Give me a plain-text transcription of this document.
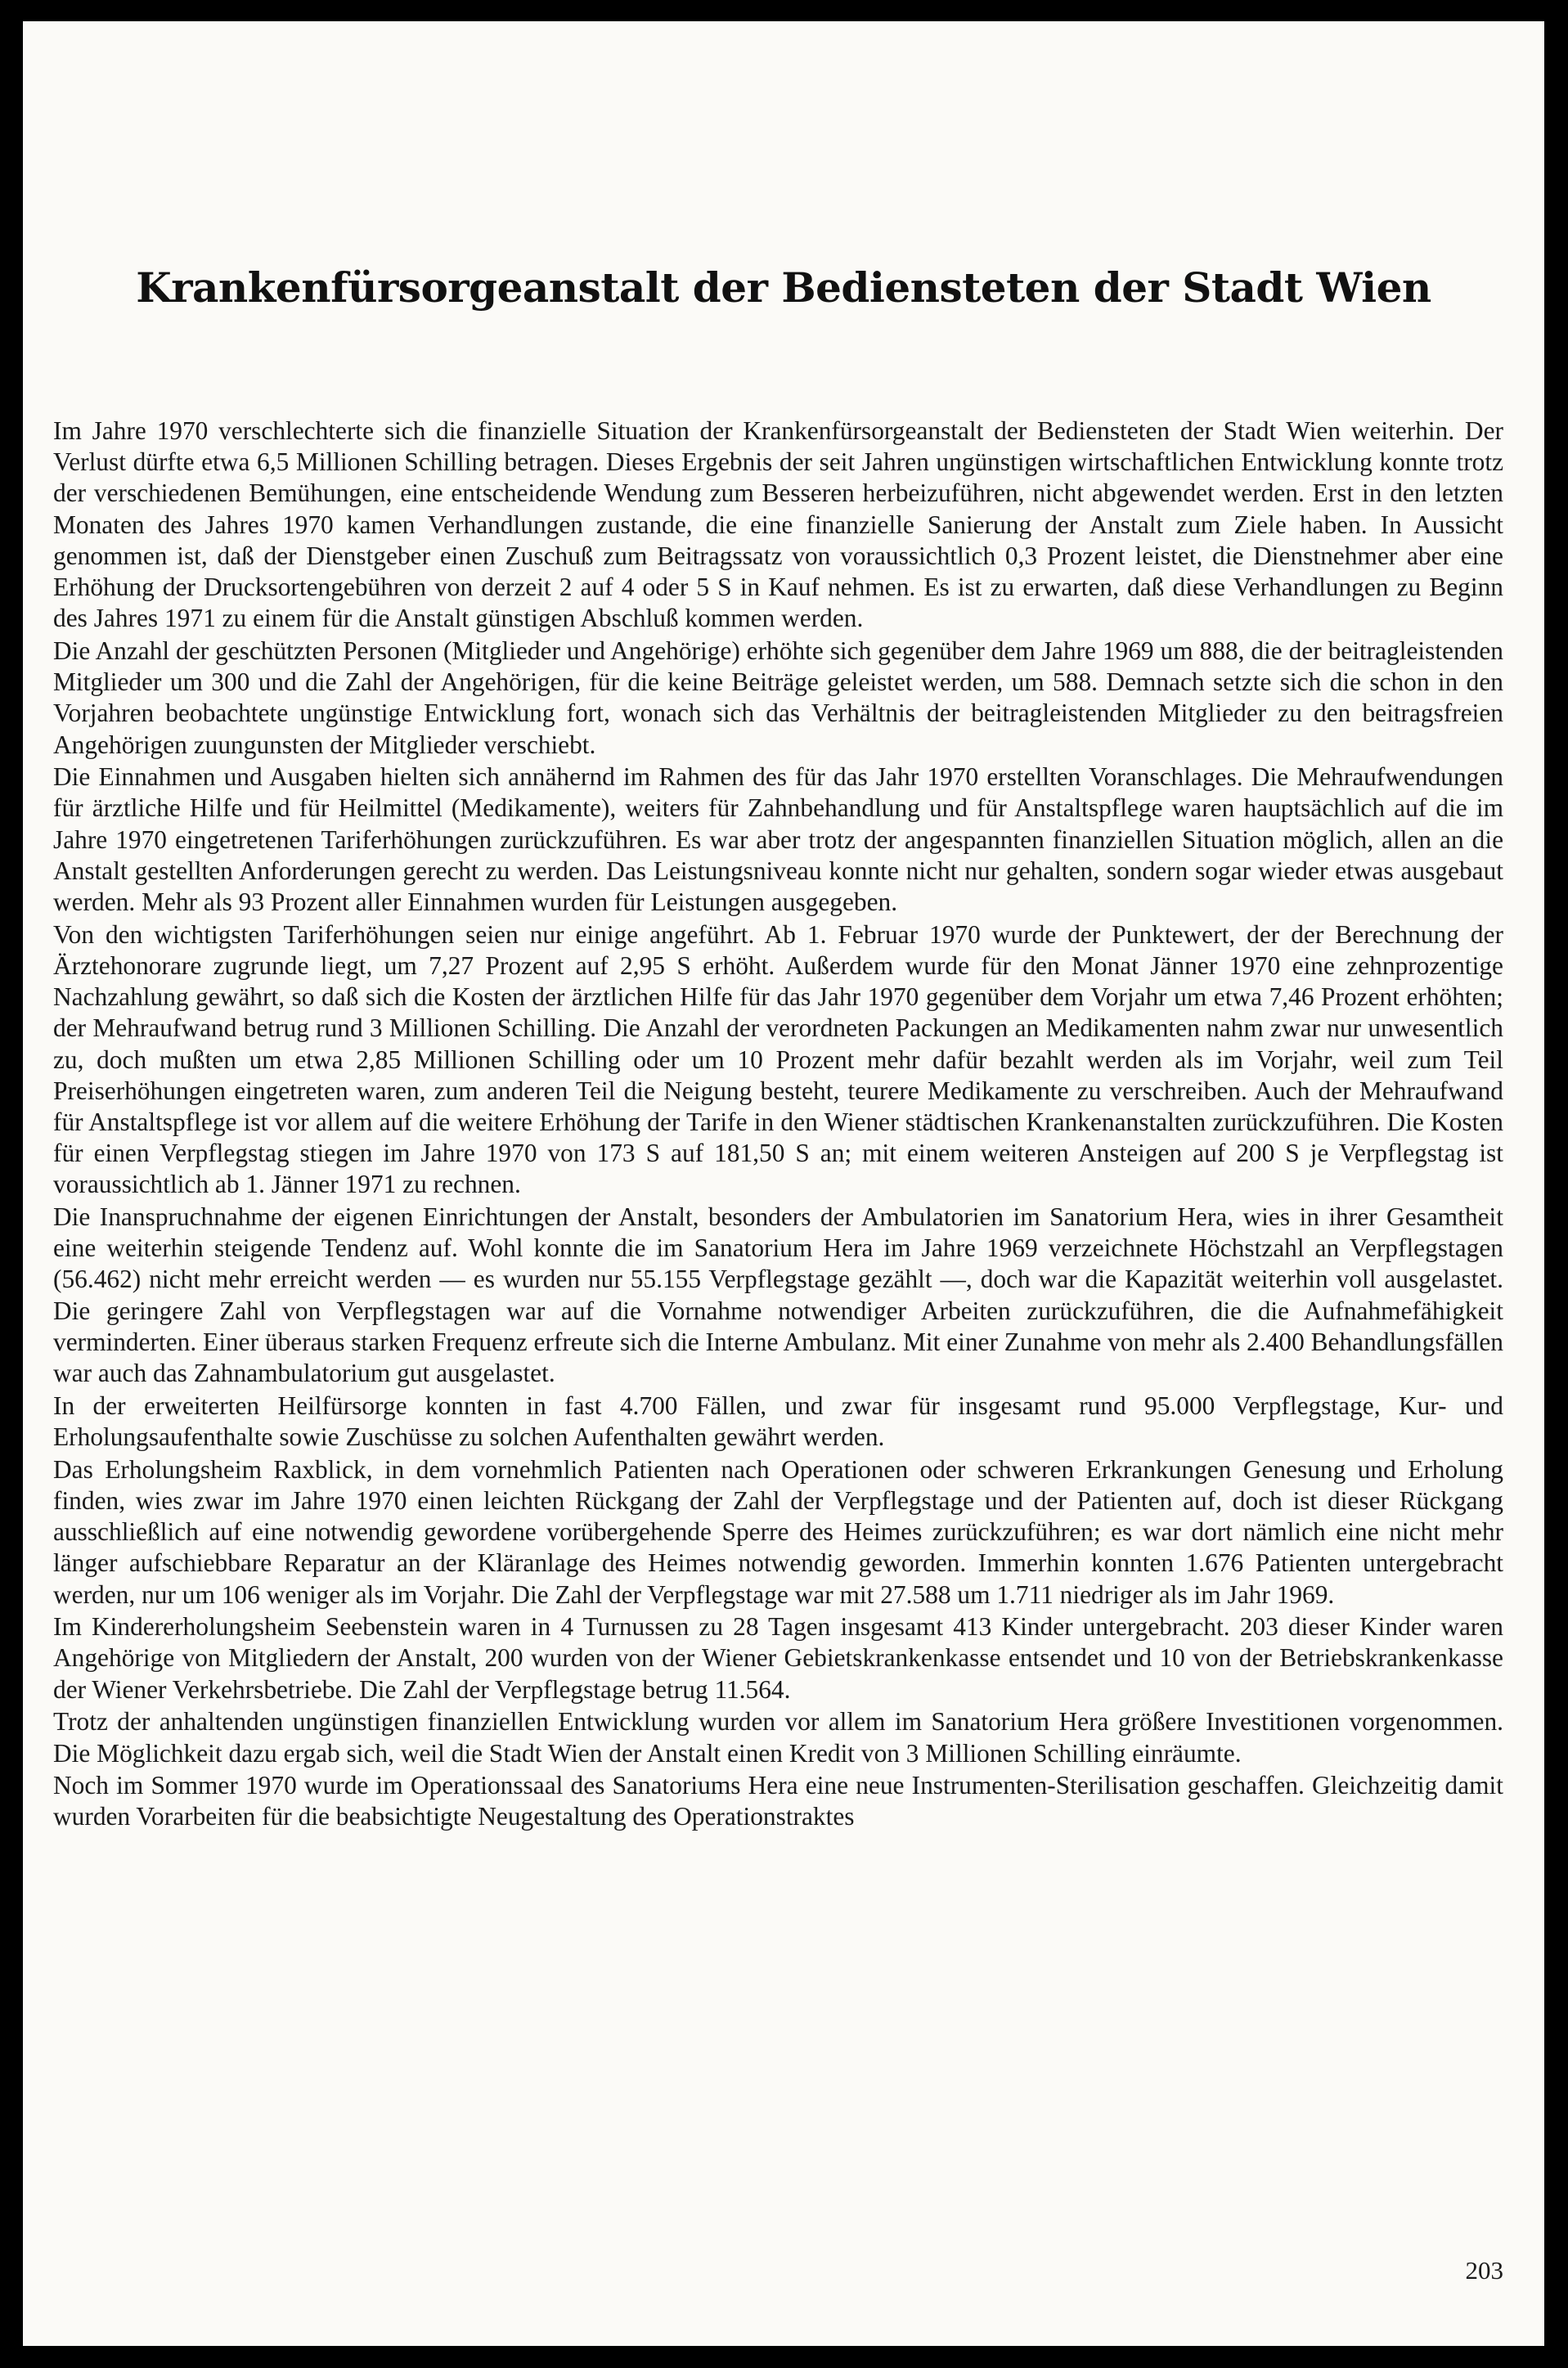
Krankenfürsorgeanstalt der Bediensteten der Stadt Wien

Im Jahre 1970 verschlechterte sich die finanzielle Situation der Krankenfürsorgeanstalt der Bediensteten der Stadt Wien weiterhin. Der Verlust dürfte etwa 6,5 Millionen Schilling betragen. Dieses Ergebnis der seit Jahren ungünstigen wirtschaftlichen Entwicklung konnte trotz der verschiedenen Bemühungen, eine entscheidende Wendung zum Besseren herbeizuführen, nicht abgewendet werden. Erst in den letzten Monaten des Jahres 1970 kamen Verhandlungen zustande, die eine finanzielle Sanierung der Anstalt zum Ziele haben. In Aussicht genommen ist, daß der Dienstgeber einen Zuschuß zum Beitragssatz von voraussichtlich 0,3 Prozent leistet, die Dienstnehmer aber eine Erhöhung der Drucksortengebühren von derzeit 2 auf 4 oder 5 S in Kauf nehmen. Es ist zu erwarten, daß diese Verhandlungen zu Beginn des Jahres 1971 zu einem für die Anstalt günstigen Abschluß kommen werden.

Die Anzahl der geschützten Personen (Mitglieder und Angehörige) erhöhte sich gegenüber dem Jahre 1969 um 888, die der beitragleistenden Mitglieder um 300 und die Zahl der Angehörigen, für die keine Beiträge geleistet werden, um 588. Demnach setzte sich die schon in den Vorjahren beobachtete ungünstige Entwicklung fort, wonach sich das Verhältnis der beitragleistenden Mitglieder zu den beitragsfreien Angehörigen zuungunsten der Mitglieder verschiebt.

Die Einnahmen und Ausgaben hielten sich annähernd im Rahmen des für das Jahr 1970 erstellten Voranschlages. Die Mehraufwendungen für ärztliche Hilfe und für Heilmittel (Medikamente), weiters für Zahnbehandlung und für Anstaltspflege waren hauptsächlich auf die im Jahre 1970 eingetretenen Tariferhöhungen zurückzuführen. Es war aber trotz der angespannten finanziellen Situation möglich, allen an die Anstalt gestellten Anforderungen gerecht zu werden. Das Leistungsniveau konnte nicht nur gehalten, sondern sogar wieder etwas ausgebaut werden. Mehr als 93 Prozent aller Einnahmen wurden für Leistungen ausgegeben.

Von den wichtigsten Tariferhöhungen seien nur einige angeführt. Ab 1. Februar 1970 wurde der Punktewert, der der Berechnung der Ärztehonorare zugrunde liegt, um 7,27 Prozent auf 2,95 S erhöht. Außerdem wurde für den Monat Jänner 1970 eine zehnprozentige Nachzahlung gewährt, so daß sich die Kosten der ärztlichen Hilfe für das Jahr 1970 gegenüber dem Vorjahr um etwa 7,46 Prozent erhöhten; der Mehraufwand betrug rund 3 Millionen Schilling. Die Anzahl der verordneten Packungen an Medikamenten nahm zwar nur unwesentlich zu, doch mußten um etwa 2,85 Millionen Schilling oder um 10 Prozent mehr dafür bezahlt werden als im Vorjahr, weil zum Teil Preiserhöhungen eingetreten waren, zum anderen Teil die Neigung besteht, teurere Medikamente zu verschreiben. Auch der Mehraufwand für Anstaltspflege ist vor allem auf die weitere Erhöhung der Tarife in den Wiener städtischen Krankenanstalten zurückzuführen. Die Kosten für einen Verpflegstag stiegen im Jahre 1970 von 173 S auf 181,50 S an; mit einem weiteren Ansteigen auf 200 S je Verpflegstag ist voraussichtlich ab 1. Jänner 1971 zu rechnen.

Die Inanspruchnahme der eigenen Einrichtungen der Anstalt, besonders der Ambulatorien im Sanatorium Hera, wies in ihrer Gesamtheit eine weiterhin steigende Tendenz auf. Wohl konnte die im Sanatorium Hera im Jahre 1969 verzeichnete Höchstzahl an Verpflegstagen (56.462) nicht mehr erreicht werden — es wurden nur 55.155 Verpflegstage gezählt —, doch war die Kapazität weiterhin voll ausgelastet. Die geringere Zahl von Verpflegstagen war auf die Vornahme notwendiger Arbeiten zurückzuführen, die die Aufnahmefähigkeit verminderten. Einer überaus starken Frequenz erfreute sich die Interne Ambulanz. Mit einer Zunahme von mehr als 2.400 Behandlungsfällen war auch das Zahnambulatorium gut ausgelastet.

In der erweiterten Heilfürsorge konnten in fast 4.700 Fällen, und zwar für insgesamt rund 95.000 Verpflegstage, Kur- und Erholungsaufenthalte sowie Zuschüsse zu solchen Aufenthalten gewährt werden.

Das Erholungsheim Raxblick, in dem vornehmlich Patienten nach Operationen oder schweren Erkrankungen Genesung und Erholung finden, wies zwar im Jahre 1970 einen leichten Rückgang der Zahl der Verpflegstage und der Patienten auf, doch ist dieser Rückgang ausschließlich auf eine notwendig gewordene vorübergehende Sperre des Heimes zurückzuführen; es war dort nämlich eine nicht mehr länger aufschiebbare Reparatur an der Kläranlage des Heimes notwendig geworden. Immerhin konnten 1.676 Patienten untergebracht werden, nur um 106 weniger als im Vorjahr. Die Zahl der Verpflegstage war mit 27.588 um 1.711 niedriger als im Jahr 1969.

Im Kindererholungsheim Seebenstein waren in 4 Turnussen zu 28 Tagen insgesamt 413 Kinder untergebracht. 203 dieser Kinder waren Angehörige von Mitgliedern der Anstalt, 200 wurden von der Wiener Gebietskrankenkasse entsendet und 10 von der Betriebskrankenkasse der Wiener Verkehrsbetriebe. Die Zahl der Verpflegstage betrug 11.564.

Trotz der anhaltenden ungünstigen finanziellen Entwicklung wurden vor allem im Sanatorium Hera größere Investitionen vorgenommen. Die Möglichkeit dazu ergab sich, weil die Stadt Wien der Anstalt einen Kredit von 3 Millionen Schilling einräumte.

Noch im Sommer 1970 wurde im Operationssaal des Sanatoriums Hera eine neue Instrumenten-Sterilisation geschaffen. Gleichzeitig damit wurden Vorarbeiten für die beabsichtigte Neugestaltung des Operationstraktes

203
